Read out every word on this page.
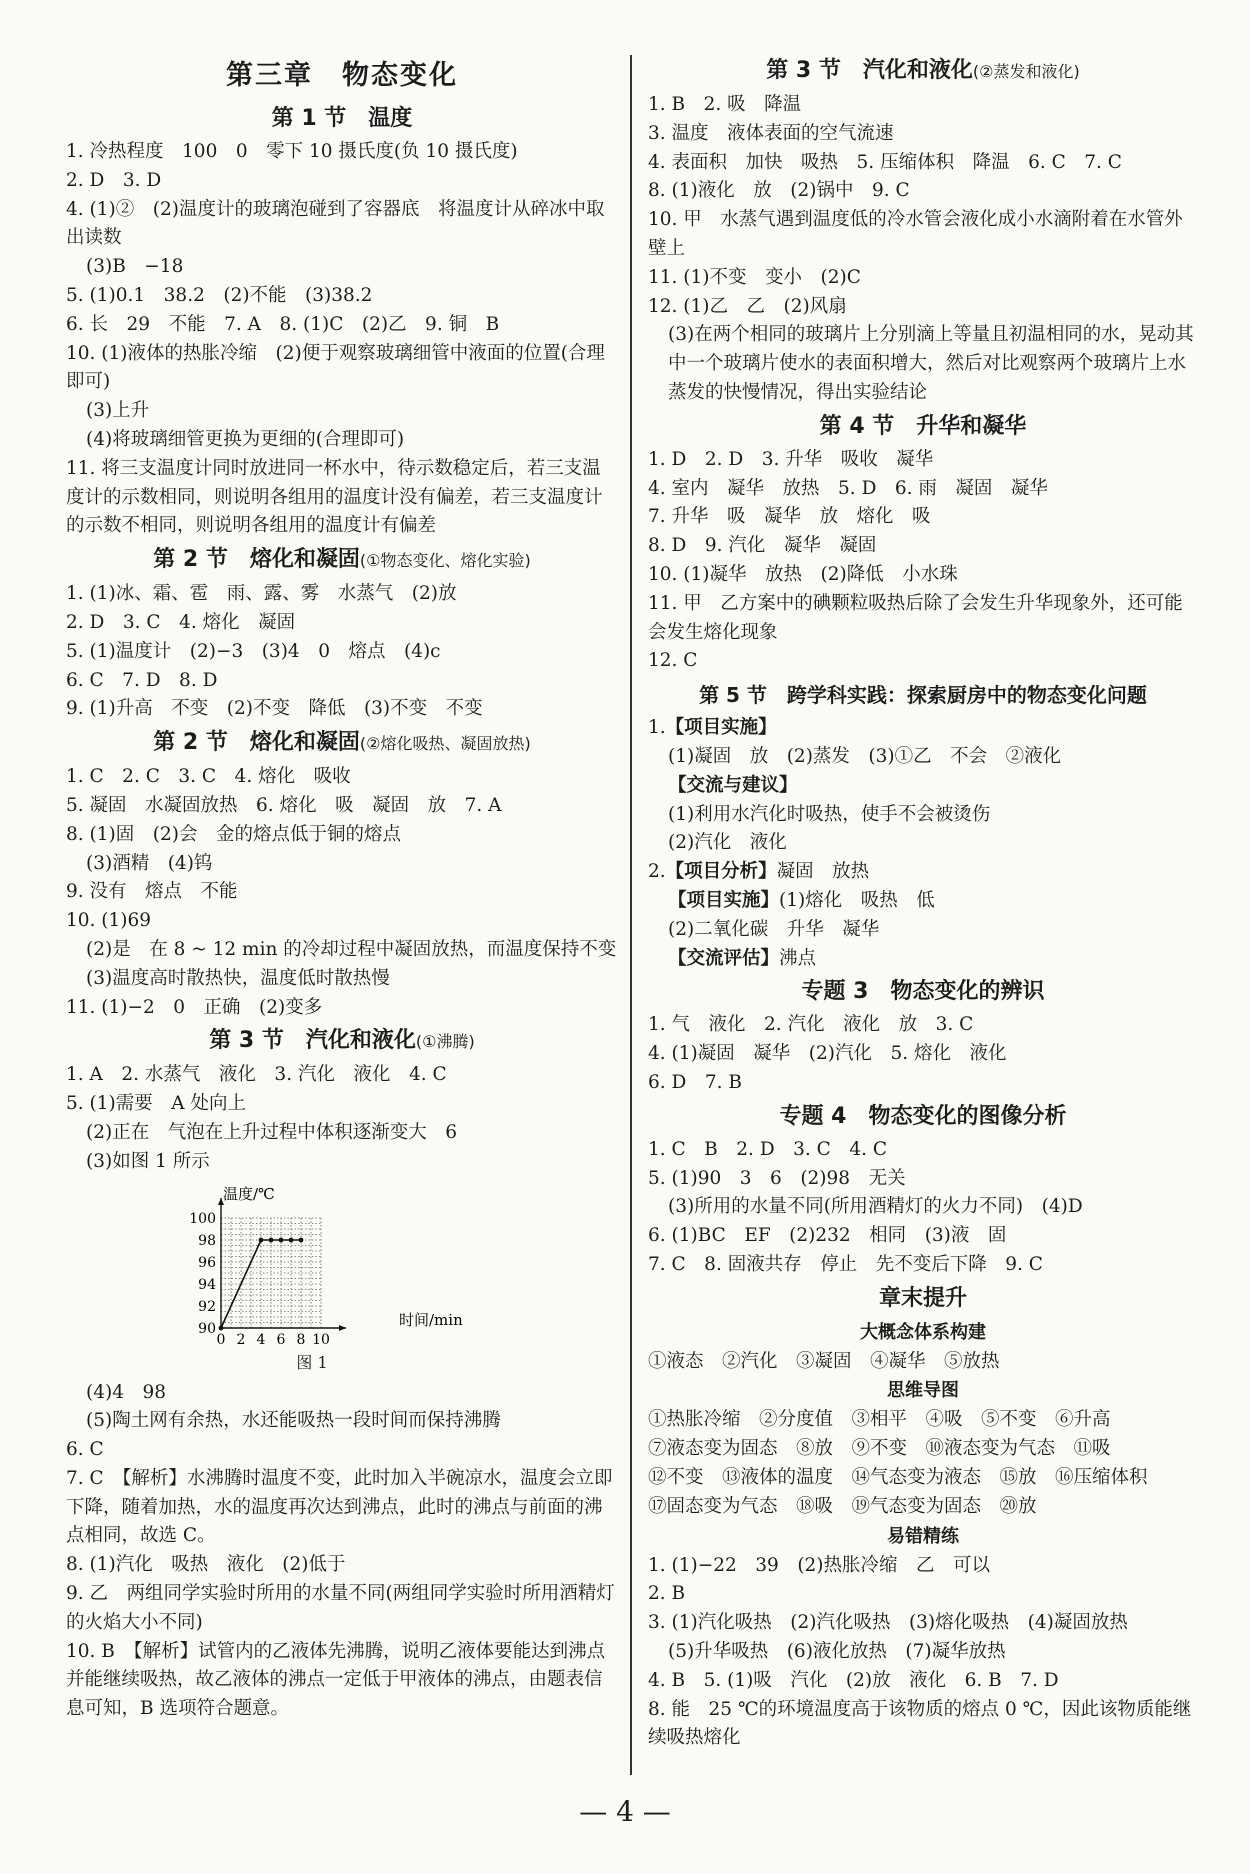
第三章　物态变化

第 1 节　温度

1. 冷热程度　100　0　零下 10 摄氏度(负 10 摄氏度)

2. D　3. D

4. (1)②　(2)温度计的玻璃泡碰到了容器底　将温度计从碎冰中取出读数

(3)B　−18

5. (1)0.1　38.2　(2)不能　(3)38.2

6. 长　29　不能　7. A　8. (1)C　(2)乙　9. 铜　B

10. (1)液体的热胀冷缩　(2)便于观察玻璃细管中液面的位置(合理即可)

(3)上升

(4)将玻璃细管更换为更细的(合理即可)

11. 将三支温度计同时放进同一杯水中，待示数稳定后，若三支温度计的示数相同，则说明各组用的温度计没有偏差，若三支温度计的示数不相同，则说明各组用的温度计有偏差

第 2 节　熔化和凝固(①物态变化、熔化实验)

1. (1)冰、霜、雹　雨、露、雾　水蒸气　(2)放

2. D　3. C　4. 熔化　凝固

5. (1)温度计　(2)−3　(3)4　0　熔点　(4)c

6. C　7. D　8. D

9. (1)升高　不变　(2)不变　降低　(3)不变　不变

第 2 节　熔化和凝固(②熔化吸热、凝固放热)

1. C　2. C　3. C　4. 熔化　吸收

5. 凝固　水凝固放热　6. 熔化　吸　凝固　放　7. A

8. (1)固　(2)会　金的熔点低于铜的熔点

(3)酒精　(4)钨

9. 没有　熔点　不能

10. (1)69

(2)是　在 8 ~ 12 min 的冷却过程中凝固放热，而温度保持不变

(3)温度高时散热快，温度低时散热慢

11. (1)−2　0　正确　(2)变多

第 3 节　汽化和液化(①沸腾)

1. A　2. 水蒸气　液化　3. 汽化　液化　4. C

5. (1)需要　A 处向上

(2)正在　气泡在上升过程中体积逐渐变大　6

(3)如图 1 所示

0 2 4 6 8 10
90
92
94
96
98
100
温度/℃
时间/min

图 1

(4)4　98

(5)陶土网有余热，水还能吸热一段时间而保持沸腾

6. C

7. C　【解析】水沸腾时温度不变，此时加入半碗凉水，温度会立即下降，随着加热，水的温度再次达到沸点，此时的沸点与前面的沸点相同，故选 C。

8. (1)汽化　吸热　液化　(2)低于

9. 乙　两组同学实验时所用的水量不同(两组同学实验时所用酒精灯的火焰大小不同)

10. B　【解析】试管内的乙液体先沸腾，说明乙液体要能达到沸点并能继续吸热，故乙液体的沸点一定低于甲液体的沸点，由题表信息可知，B 选项符合题意。

第 3 节　汽化和液化(②蒸发和液化)

1. B　2. 吸　降温

3. 温度　液体表面的空气流速

4. 表面积　加快　吸热　5. 压缩体积　降温　6. C　7. C

8. (1)液化　放　(2)锅中　9. C

10. 甲　水蒸气遇到温度低的冷水管会液化成小水滴附着在水管外壁上

11. (1)不变　变小　(2)C

12. (1)乙　乙　(2)风扇

(3)在两个相同的玻璃片上分别滴上等量且初温相同的水，晃动其中一个玻璃片使水的表面积增大，然后对比观察两个玻璃片上水蒸发的快慢情况，得出实验结论

第 4 节　升华和凝华

1. D　2. D　3. 升华　吸收　凝华

4. 室内　凝华　放热　5. D　6. 雨　凝固　凝华

7. 升华　吸　凝华　放　熔化　吸

8. D　9. 汽化　凝华　凝固

10. (1)凝华　放热　(2)降低　小水珠

11. 甲　乙方案中的碘颗粒吸热后除了会发生升华现象外，还可能会发生熔化现象

12. C

第 5 节　跨学科实践：探索厨房中的物态变化问题

1.【项目实施】

(1)凝固　放　(2)蒸发　(3)①乙　不会　②液化

【交流与建议】

(1)利用水汽化时吸热，使手不会被烫伤

(2)汽化　液化

2.【项目分析】凝固　放热

【项目实施】(1)熔化　吸热　低

(2)二氧化碳　升华　凝华

【交流评估】沸点

专题 3　物态变化的辨识

1. 气　液化　2. 汽化　液化　放　3. C

4. (1)凝固　凝华　(2)汽化　5. 熔化　液化

6. D　7. B

专题 4　物态变化的图像分析

1. C　B　2. D　3. C　4. C

5. (1)90　3　6　(2)98　无关

(3)所用的水量不同(所用酒精灯的火力不同)　(4)D

6. (1)BC　EF　(2)232　相同　(3)液　固

7. C　8. 固液共存　停止　先不变后下降　9. C

章末提升

大概念体系构建

①液态　②汽化　③凝固　④凝华　⑤放热

思维导图

①热胀冷缩　②分度值　③相平　④吸　⑤不变　⑥升高

⑦液态变为固态　⑧放　⑨不变　⑩液态变为气态　⑪吸

⑫不变　⑬液体的温度　⑭气态变为液态　⑮放　⑯压缩体积

⑰固态变为气态　⑱吸　⑲气态变为固态　⑳放

易错精练

1. (1)−22　39　(2)热胀冷缩　乙　可以

2. B

3. (1)汽化吸热　(2)汽化吸热　(3)熔化吸热　(4)凝固放热

(5)升华吸热　(6)液化放热　(7)凝华放热

4. B　5. (1)吸　汽化　(2)放　液化　6. B　7. D

8. 能　25 ℃的环境温度高于该物质的熔点 0 ℃，因此该物质能继续吸热熔化

— 4 —
